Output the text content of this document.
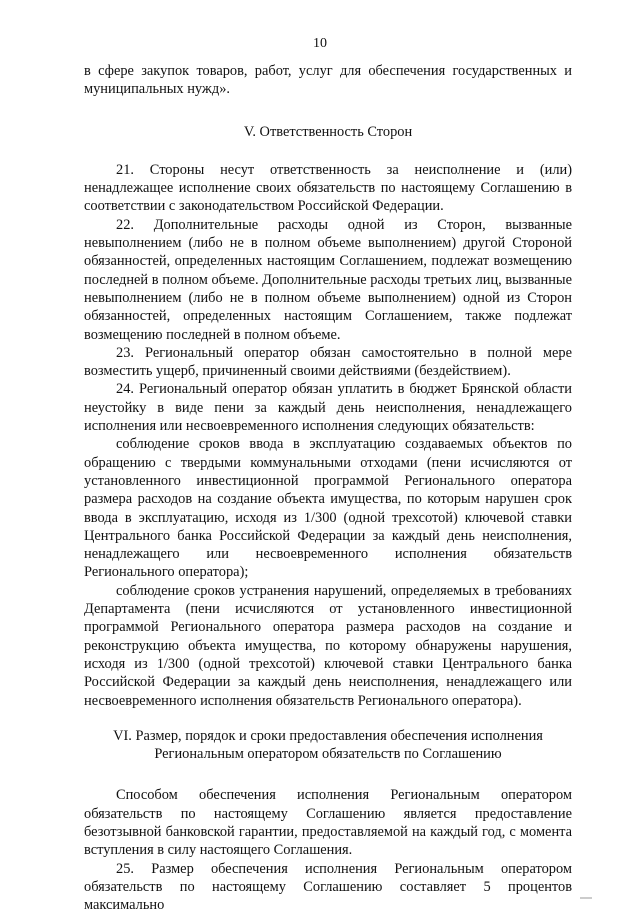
10

в сфере закупок товаров, работ, услуг для обеспечения государственных и муниципальных нужд».

V. Ответственность Сторон

21. Стороны несут ответственность за неисполнение и (или) ненадлежащее исполнение своих обязательств по настоящему Соглашению в соответствии с законодательством Российской Федерации.

22. Дополнительные расходы одной из Сторон, вызванные невыполнением (либо не в полном объеме выполнением) другой Стороной обязанностей, определенных настоящим Соглашением, подлежат возмещению последней в полном объеме. Дополнительные расходы третьих лиц, вызванные невыполнением (либо не в полном объеме выполнением) одной из Сторон обязанностей, определенных настоящим Соглашением, также подлежат возмещению последней в полном объеме.

23. Региональный оператор обязан самостоятельно в полной мере возместить ущерб, причиненный своими действиями (бездействием).

24. Региональный оператор обязан уплатить в бюджет Брянской области неустойку в виде пени за каждый день неисполнения, ненадлежащего исполнения или несвоевременного исполнения следующих обязательств:

соблюдение сроков ввода в эксплуатацию создаваемых объектов по обращению с твердыми коммунальными отходами (пени исчисляются от установленного инвестиционной программой Регионального оператора размера расходов на создание объекта имущества, по которым нарушен срок ввода в эксплуатацию, исходя из 1/300 (одной трехсотой) ключевой ставки Центрального банка Российской Федерации за каждый день неисполнения, ненадлежащего или несвоевременного исполнения обязательств Регионального оператора);

соблюдение сроков устранения нарушений, определяемых в требованиях Департамента (пени исчисляются от установленного инвестиционной программой Регионального оператора размера расходов на создание и реконструкцию объекта имущества, по которому обнаружены нарушения, исходя из 1/300 (одной трехсотой) ключевой ставки Центрального банка Российской Федерации за каждый день неисполнения, ненадлежащего или несвоевременного исполнения обязательств Регионального оператора).

VI. Размер, порядок и сроки предоставления обеспечения исполнения
Региональным оператором обязательств по Соглашению

Способом обеспечения исполнения Региональным оператором обязательств по настоящему Соглашению является предоставление безотзывной банковской гарантии, предоставляемой на каждый год, с момента вступления в силу настоящего Соглашения.

25. Размер обеспечения исполнения Региональным оператором обязательств по настоящему Соглашению составляет 5 процентов максимально
